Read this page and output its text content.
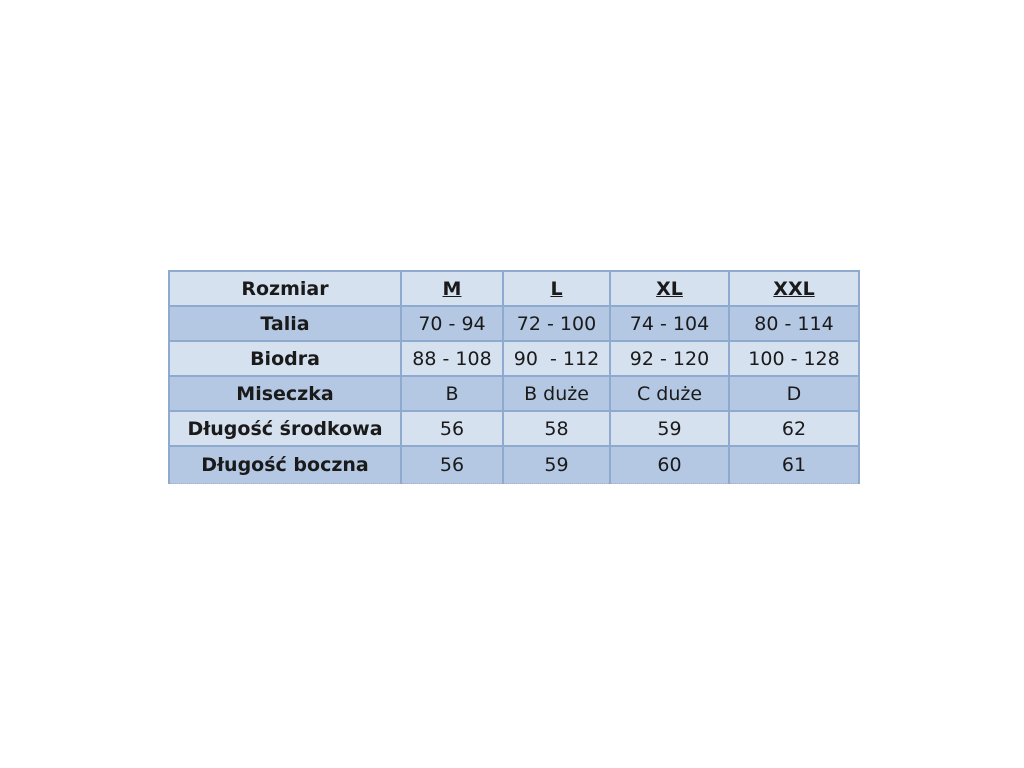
Rozmiar	M	L	XL	XXL
Talia	70 - 94	72 - 100	74 - 104	80 - 114
Biodra	88 - 108	90  - 112	92 - 120	100 - 128
Miseczka	B	B duże	C duże	D
Długość środkowa	56	58	59	62
Długość boczna	56	59	60	61
